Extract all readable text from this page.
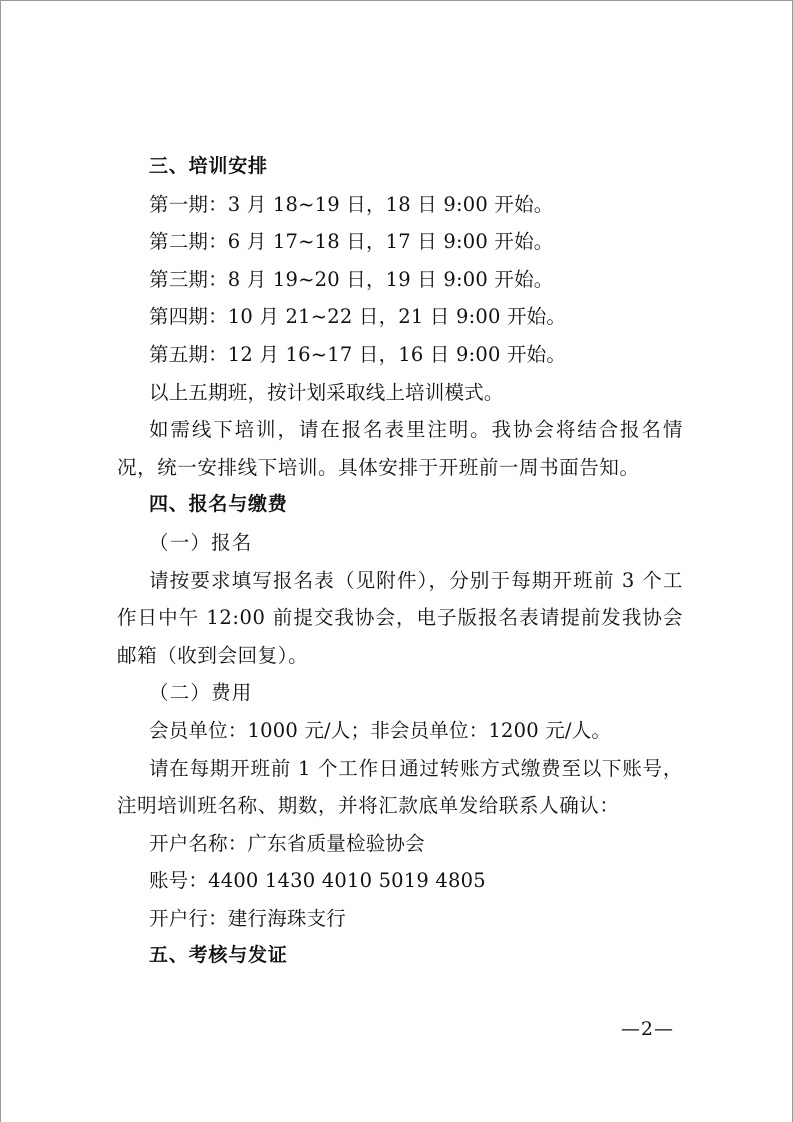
三、培训安排
第一期：3 月 18~19 日，18 日 9:00 开始。
第二期：6 月 17~18 日，17 日 9:00 开始。
第三期：8 月 19~20 日，19 日 9:00 开始。
第四期：10 月 21~22 日，21 日 9:00 开始。
第五期：12 月 16~17 日，16 日 9:00 开始。
以上五期班，按计划采取线上培训模式。
如需线下培训，请在报名表里注明。我协会将结合报名情况，统一安排线下培训。具体安排于开班前一周书面告知。
四、报名与缴费
（一）报名
请按要求填写报名表（见附件），分别于每期开班前 3 个工作日中午 12:00 前提交我协会，电子版报名表请提前发我协会邮箱（收到会回复）。
（二）费用
会员单位：1000 元/人；非会员单位：1200 元/人。
请在每期开班前 1 个工作日通过转账方式缴费至以下账号，注明培训班名称、期数，并将汇款底单发给联系人确认：
开户名称：广东省质量检验协会
账号：4400 1430 4010 5019 4805
开户行：建行海珠支行
五、考核与发证
—2—
